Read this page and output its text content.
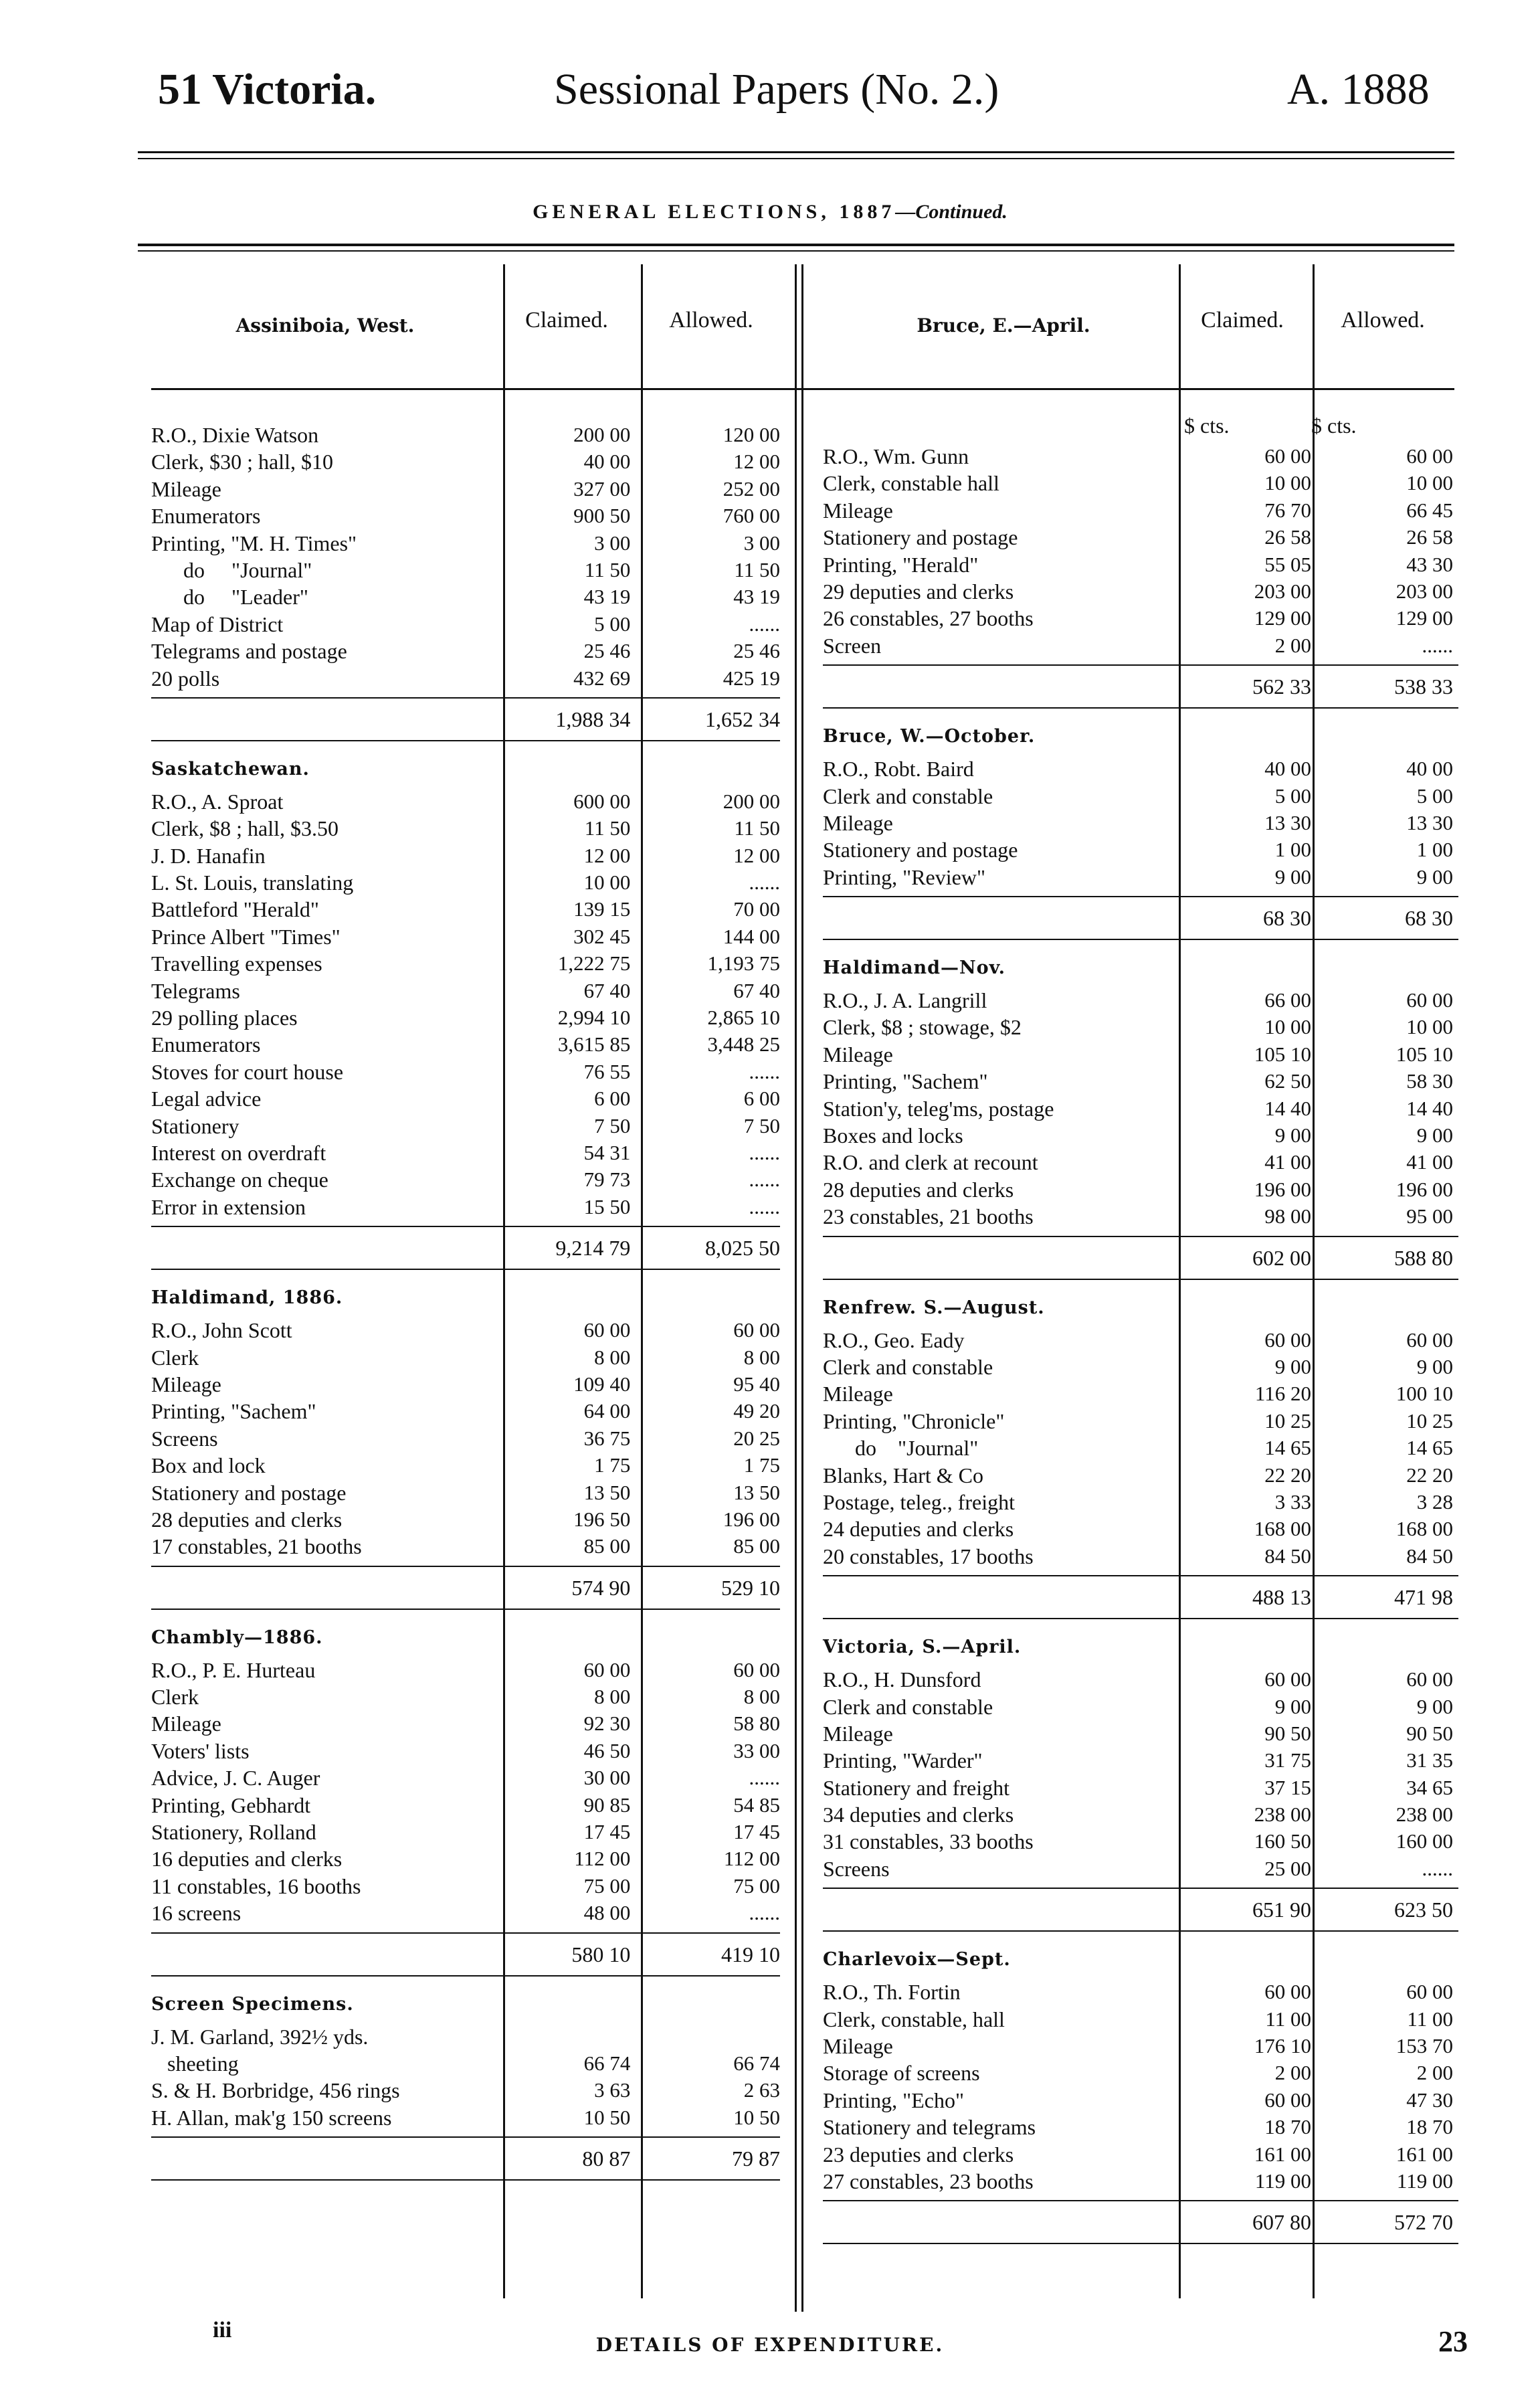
51 Victoria.	Sessional Papers (No. 2.)	A. 1888
GENERAL ELECTIONS, 1887—Continued.
Assiniboia, West.	Claimed.	Allowed.	Bruce, E.—April.	Claimed.	Allowed.
R.O., Dixie Watson	200 00	120 00
Clerk, $30 ; hall, $10	40 00	12 00
Mileage	327 00	252 00
Enumerators	900 50	760 00
Printing, "M. H. Times"	3 00	3 00
do     "Journal"	11 50	11 50
do     "Leader"	43 19	43 19
Map of District	5 00	......
Telegrams and postage	25 46	25 46
20 polls	432 69	425 19
1,988 34	1,652 34
Saskatchewan.
R.O., A. Sproat	600 00	200 00
Clerk, $8 ; hall, $3.50	11 50	11 50
J. D. Hanafin	12 00	12 00
L. St. Louis, translating	10 00	......
Battleford "Herald"	139 15	70 00
Prince Albert "Times"	302 45	144 00
Travelling expenses	1,222 75	1,193 75
Telegrams	67 40	67 40
29 polling places	2,994 10	2,865 10
Enumerators	3,615 85	3,448 25
Stoves for court house	76 55	......
Legal advice	6 00	6 00
Stationery	7 50	7 50
Interest on overdraft	54 31	......
Exchange on cheque	79 73	......
Error in extension	15 50	......
9,214 79	8,025 50
Haldimand, 1886.
R.O., John Scott	60 00	60 00
Clerk	8 00	8 00
Mileage	109 40	95 40
Printing, "Sachem"	64 00	49 20
Screens	36 75	20 25
Box and lock	1 75	1 75
Stationery and postage	13 50	13 50
28 deputies and clerks	196 50	196 00
17 constables, 21 booths	85 00	85 00
574 90	529 10
Chambly—1886.
R.O., P. E. Hurteau	60 00	60 00
Clerk	8 00	8 00
Mileage	92 30	58 80
Voters' lists	46 50	33 00
Advice, J. C. Auger	30 00	......
Printing, Gebhardt	90 85	54 85
Stationery, Rolland	17 45	17 45
16 deputies and clerks	112 00	112 00
11 constables, 16 booths	75 00	75 00
16 screens	48 00	......
580 10	419 10
Screen Specimens.
J. M. Garland, 392½ yds.
sheeting	66 74	66 74
S. & H. Borbridge, 456 rings	3 63	2 63
H. Allan, mak'g 150 screens	10 50	10 50
80 87	79 87
$ cts.	$ cts.
R.O., Wm. Gunn	60 00	60 00
Clerk, constable hall	10 00	10 00
Mileage	76 70	66 45
Stationery and postage	26 58	26 58
Printing, "Herald"	55 05	43 30
29 deputies and clerks	203 00	203 00
26 constables, 27 booths	129 00	129 00
Screen	2 00	......
562 33	538 33
Bruce, W.—October.
R.O., Robt. Baird	40 00	40 00
Clerk and constable	5 00	5 00
Mileage	13 30	13 30
Stationery and postage	1 00	1 00
Printing, "Review"	9 00	9 00
68 30	68 30
Haldimand—Nov.
R.O., J. A. Langrill	66 00	60 00
Clerk, $8 ; stowage, $2	10 00	10 00
Mileage	105 10	105 10
Printing, "Sachem"	62 50	58 30
Station'y, teleg'ms, postage	14 40	14 40
Boxes and locks	9 00	9 00
R.O. and clerk at recount	41 00	41 00
28 deputies and clerks	196 00	196 00
23 constables, 21 booths	98 00	95 00
602 00	588 80
Renfrew. S.—August.
R.O., Geo. Eady	60 00	60 00
Clerk and constable	9 00	9 00
Mileage	116 20	100 10
Printing, "Chronicle"	10 25	10 25
do    "Journal"	14 65	14 65
Blanks, Hart & Co	22 20	22 20
Postage, teleg., freight	3 33	3 28
24 deputies and clerks	168 00	168 00
20 constables, 17 booths	84 50	84 50
488 13	471 98
Victoria, S.—April.
R.O., H. Dunsford	60 00	60 00
Clerk and constable	9 00	9 00
Mileage	90 50	90 50
Printing, "Warder"	31 75	31 35
Stationery and freight	37 15	34 65
34 deputies and clerks	238 00	238 00
31 constables, 33 booths	160 50	160 00
Screens	25 00	......
651 90	623 50
Charlevoix—Sept.
R.O., Th. Fortin	60 00	60 00
Clerk, constable, hall	11 00	11 00
Mileage	176 10	153 70
Storage of screens	2 00	2 00
Printing, "Echo"	60 00	47 30
Stationery and telegrams	18 70	18 70
23 deputies and clerks	161 00	161 00
27 constables, 23 booths	119 00	119 00
607 80	572 70
iii
DETAILS OF EXPENDITURE.	23
